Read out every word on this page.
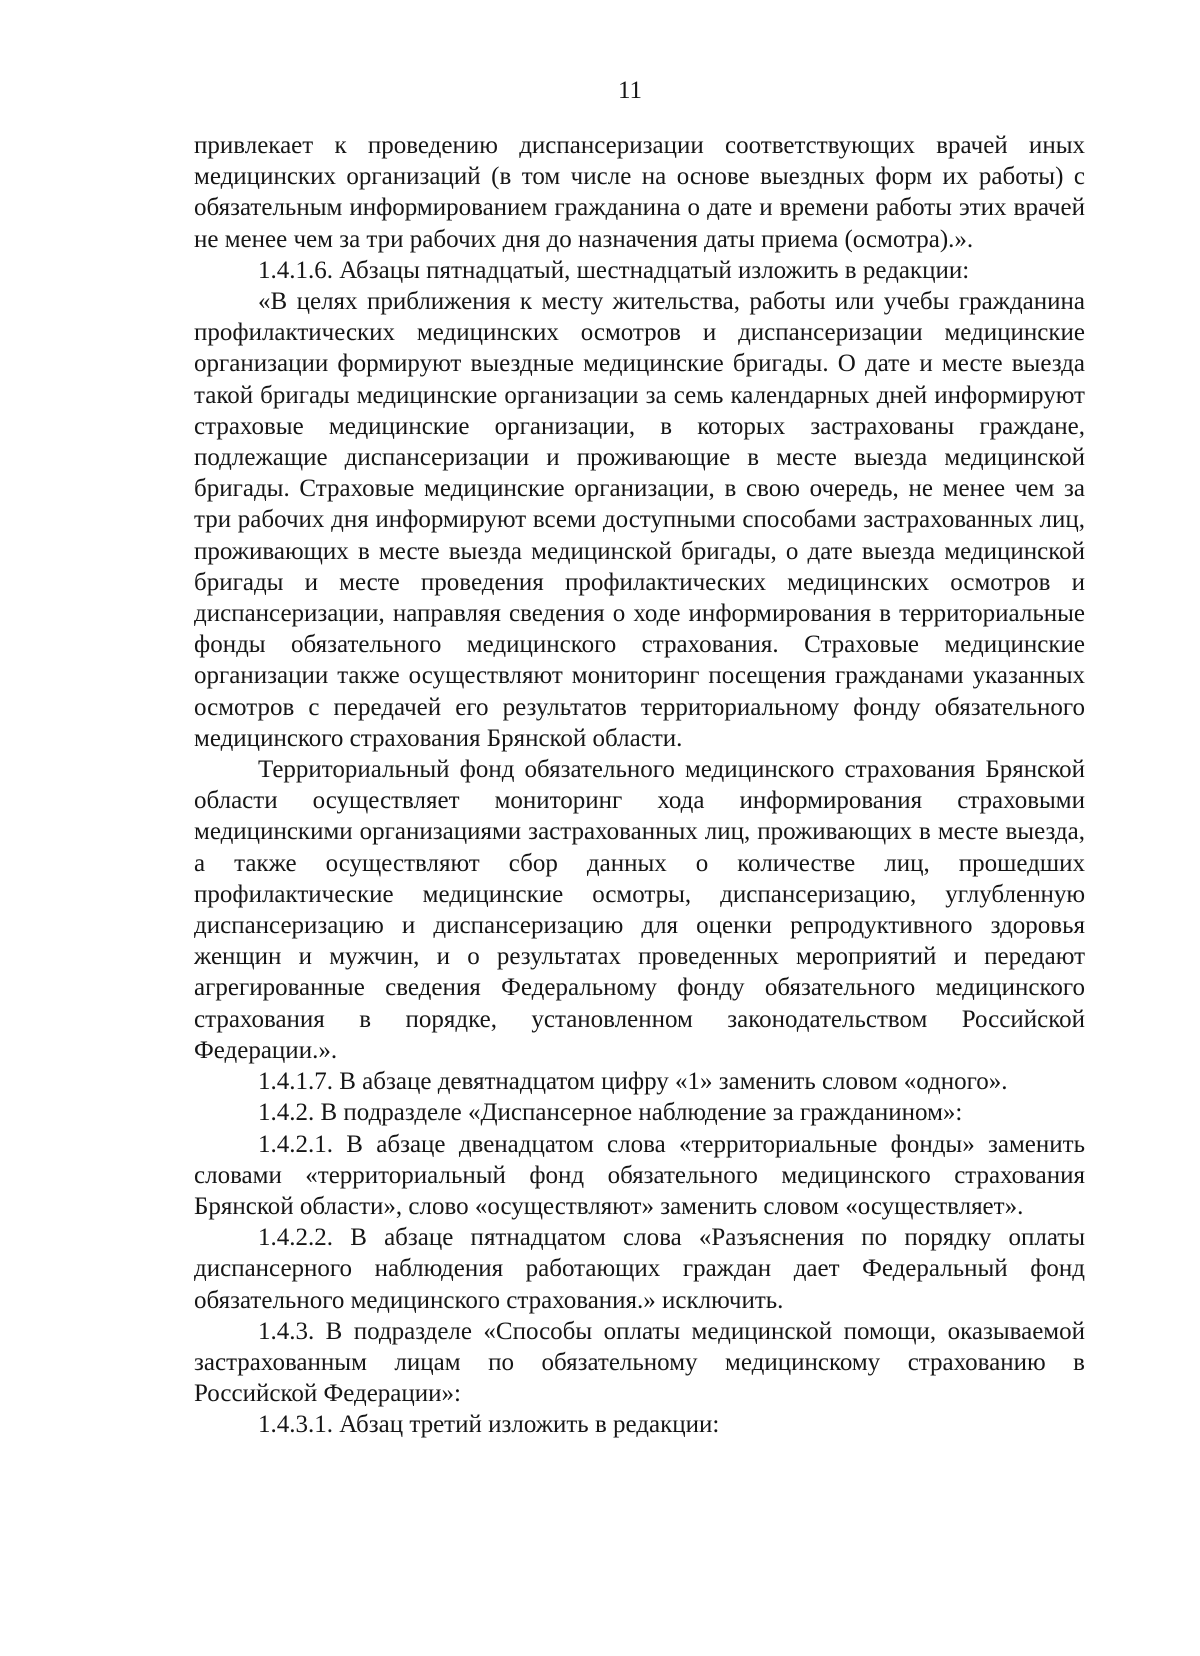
11

привлекает к проведению диспансеризации соответствующих врачей иных медицинских организаций (в том числе на основе выездных форм их работы) с обязательным информированием гражданина о дате и времени работы этих врачей не менее чем за три рабочих дня до назначения даты приема (осмотра).».

1.4.1.6. Абзацы пятнадцатый, шестнадцатый изложить в редакции:

«В целях приближения к месту жительства, работы или учебы гражданина профилактических медицинских осмотров и диспансеризации медицинские организации формируют выездные медицинские бригады. О дате и месте выезда такой бригады медицинские организации за семь календарных дней информируют страховые медицинские организации, в которых застрахованы граждане, подлежащие диспансеризации и проживающие в месте выезда медицинской бригады. Страховые медицинские организации, в свою очередь, не менее чем за три рабочих дня информируют всеми доступными способами застрахованных лиц, проживающих в месте выезда медицинской бригады, о дате выезда медицинской бригады и месте проведения профилактических медицинских осмотров и диспансеризации, направляя сведения о ходе информирования в территориальные фонды обязательного медицинского страхования. Страховые медицинские организации также осуществляют мониторинг посещения гражданами указанных осмотров с передачей его результатов территориальному фонду обязательного медицинского страхования Брянской области.

Территориальный фонд обязательного медицинского страхования Брянской области осуществляет мониторинг хода информирования страховыми медицинскими организациями застрахованных лиц, проживающих в месте выезда, а также осуществляют сбор данных о количестве лиц, прошедших профилактические медицинские осмотры, диспансеризацию, углубленную диспансеризацию и диспансеризацию для оценки репродуктивного здоровья женщин и мужчин, и о результатах проведенных мероприятий и передают агрегированные сведения Федеральному фонду обязательного медицинского страхования в порядке, установленном законодательством Российской Федерации.».

1.4.1.7. В абзаце девятнадцатом цифру «1» заменить словом «одного».

1.4.2. В подразделе «Диспансерное наблюдение за гражданином»:

1.4.2.1. В абзаце двенадцатом слова «территориальные фонды» заменить словами «территориальный фонд обязательного медицинского страхования Брянской области», слово «осуществляют» заменить словом «осуществляет».

1.4.2.2. В абзаце пятнадцатом слова «Разъяснения по порядку оплаты диспансерного наблюдения работающих граждан дает Федеральный фонд обязательного медицинского страхования.» исключить.

1.4.3. В подразделе «Способы оплаты медицинской помощи, оказываемой застрахованным лицам по обязательному медицинскому страхованию в Российской Федерации»:

1.4.3.1. Абзац третий изложить в редакции:
